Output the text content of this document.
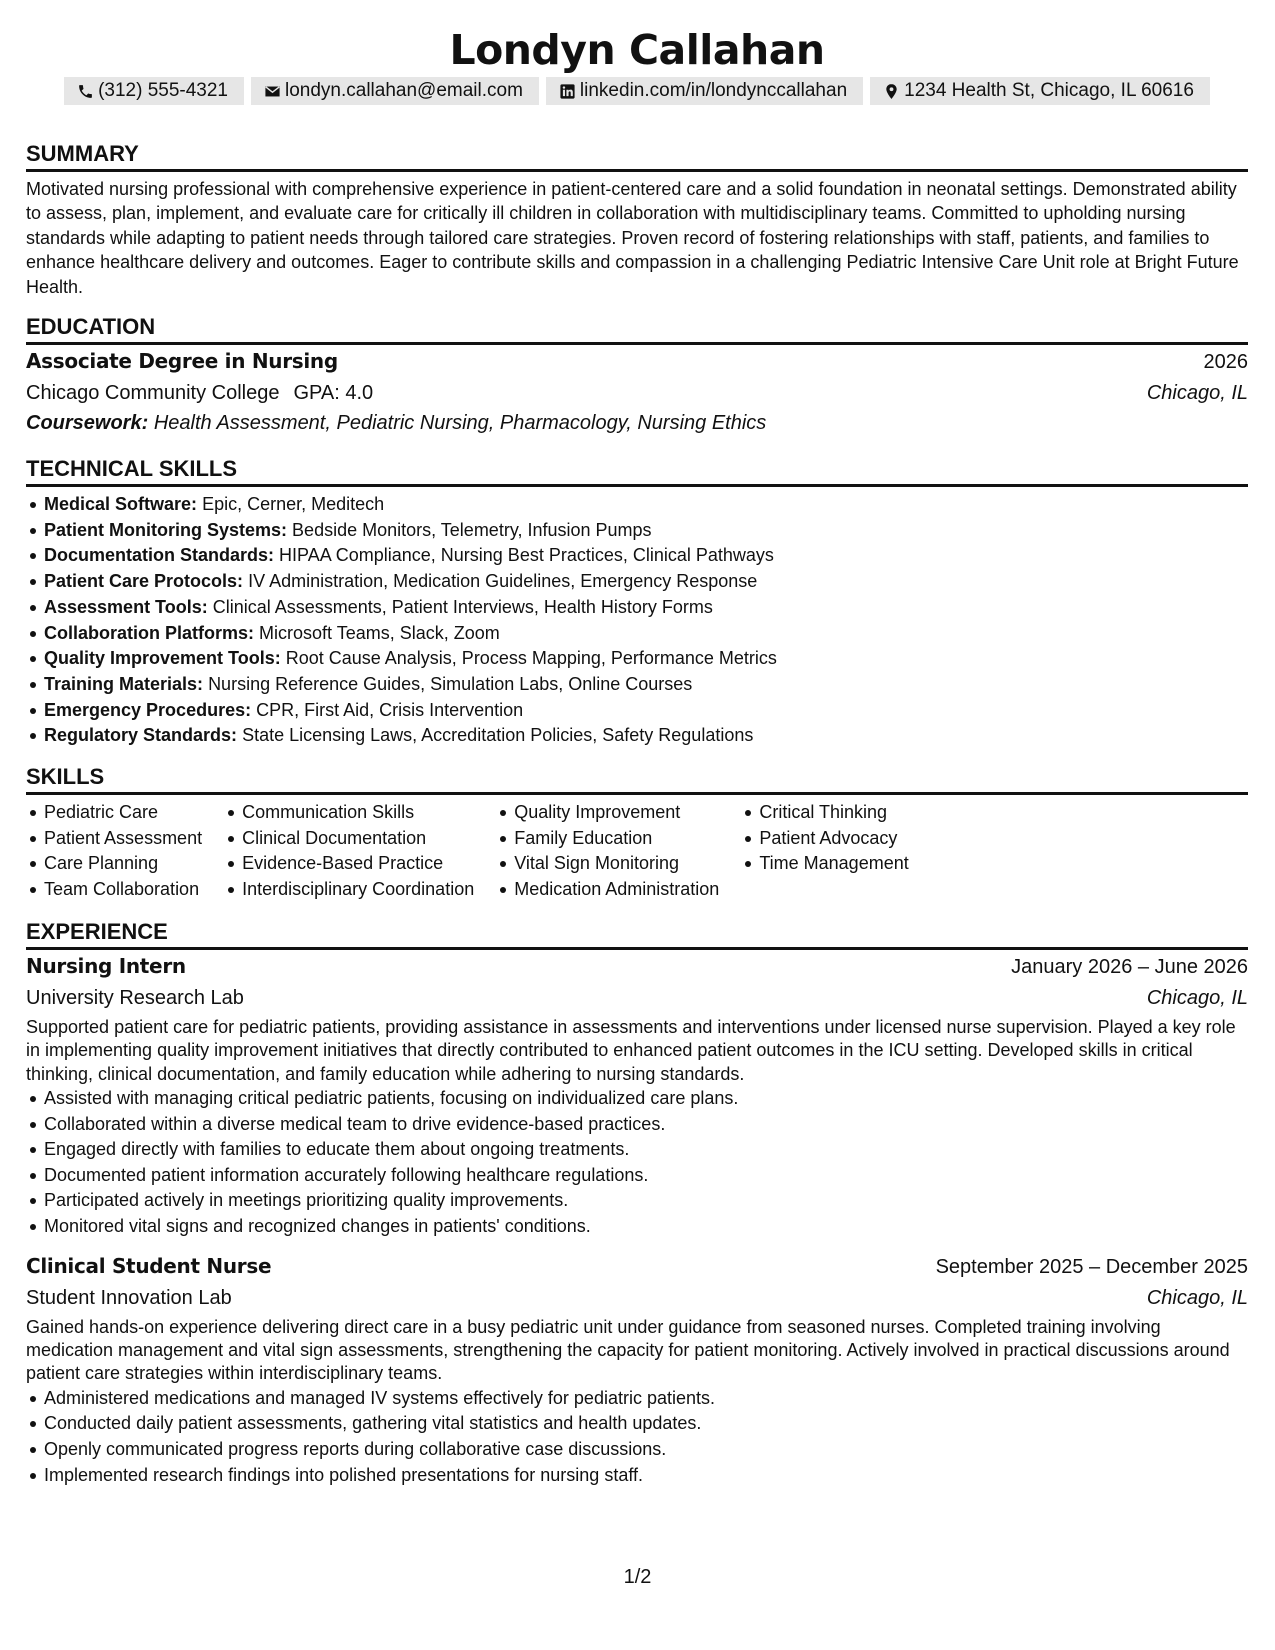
Londyn Callahan
(312) 555-4321	londyn.callahan@email.com	linkedin.com/in/londynccallahan	1234 Health St, Chicago, IL 60616
SUMMARY
Motivated nursing professional with comprehensive experience in patient-centered care and a solid foundation in neonatal settings. Demonstrated ability to assess, plan, implement, and evaluate care for critically ill children in collaboration with multidisciplinary teams. Committed to upholding nursing standards while adapting to patient needs through tailored care strategies. Proven record of fostering relationships with staff, patients, and families to enhance healthcare delivery and outcomes. Eager to contribute skills and compassion in a challenging Pediatric Intensive Care Unit role at Bright Future Health.
EDUCATION
Associate Degree in Nursing	2026
Chicago Community College GPA: 4.0	Chicago, IL
Coursework: Health Assessment, Pediatric Nursing, Pharmacology, Nursing Ethics
TECHNICAL SKILLS
Medical Software: Epic, Cerner, Meditech
Patient Monitoring Systems: Bedside Monitors, Telemetry, Infusion Pumps
Documentation Standards: HIPAA Compliance, Nursing Best Practices, Clinical Pathways
Patient Care Protocols: IV Administration, Medication Guidelines, Emergency Response
Assessment Tools: Clinical Assessments, Patient Interviews, Health History Forms
Collaboration Platforms: Microsoft Teams, Slack, Zoom
Quality Improvement Tools: Root Cause Analysis, Process Mapping, Performance Metrics
Training Materials: Nursing Reference Guides, Simulation Labs, Online Courses
Emergency Procedures: CPR, First Aid, Crisis Intervention
Regulatory Standards: State Licensing Laws, Accreditation Policies, Safety Regulations
SKILLS
Pediatric Care
Patient Assessment
Care Planning
Team Collaboration
Communication Skills
Clinical Documentation
Evidence-Based Practice
Interdisciplinary Coordination
Quality Improvement
Family Education
Vital Sign Monitoring
Medication Administration
Critical Thinking
Patient Advocacy
Time Management
EXPERIENCE
Nursing Intern	January 2026 – June 2026
University Research Lab	Chicago, IL
Supported patient care for pediatric patients, providing assistance in assessments and interventions under licensed nurse supervision. Played a key role in implementing quality improvement initiatives that directly contributed to enhanced patient outcomes in the ICU setting. Developed skills in critical thinking, clinical documentation, and family education while adhering to nursing standards.
Assisted with managing critical pediatric patients, focusing on individualized care plans.
Collaborated within a diverse medical team to drive evidence-based practices.
Engaged directly with families to educate them about ongoing treatments.
Documented patient information accurately following healthcare regulations.
Participated actively in meetings prioritizing quality improvements.
Monitored vital signs and recognized changes in patients' conditions.
Clinical Student Nurse	September 2025 – December 2025
Student Innovation Lab	Chicago, IL
Gained hands-on experience delivering direct care in a busy pediatric unit under guidance from seasoned nurses. Completed training involving medication management and vital sign assessments, strengthening the capacity for patient monitoring. Actively involved in practical discussions around patient care strategies within interdisciplinary teams.
Administered medications and managed IV systems effectively for pediatric patients.
Conducted daily patient assessments, gathering vital statistics and health updates.
Openly communicated progress reports during collaborative case discussions.
Implemented research findings into polished presentations for nursing staff.
1/2
